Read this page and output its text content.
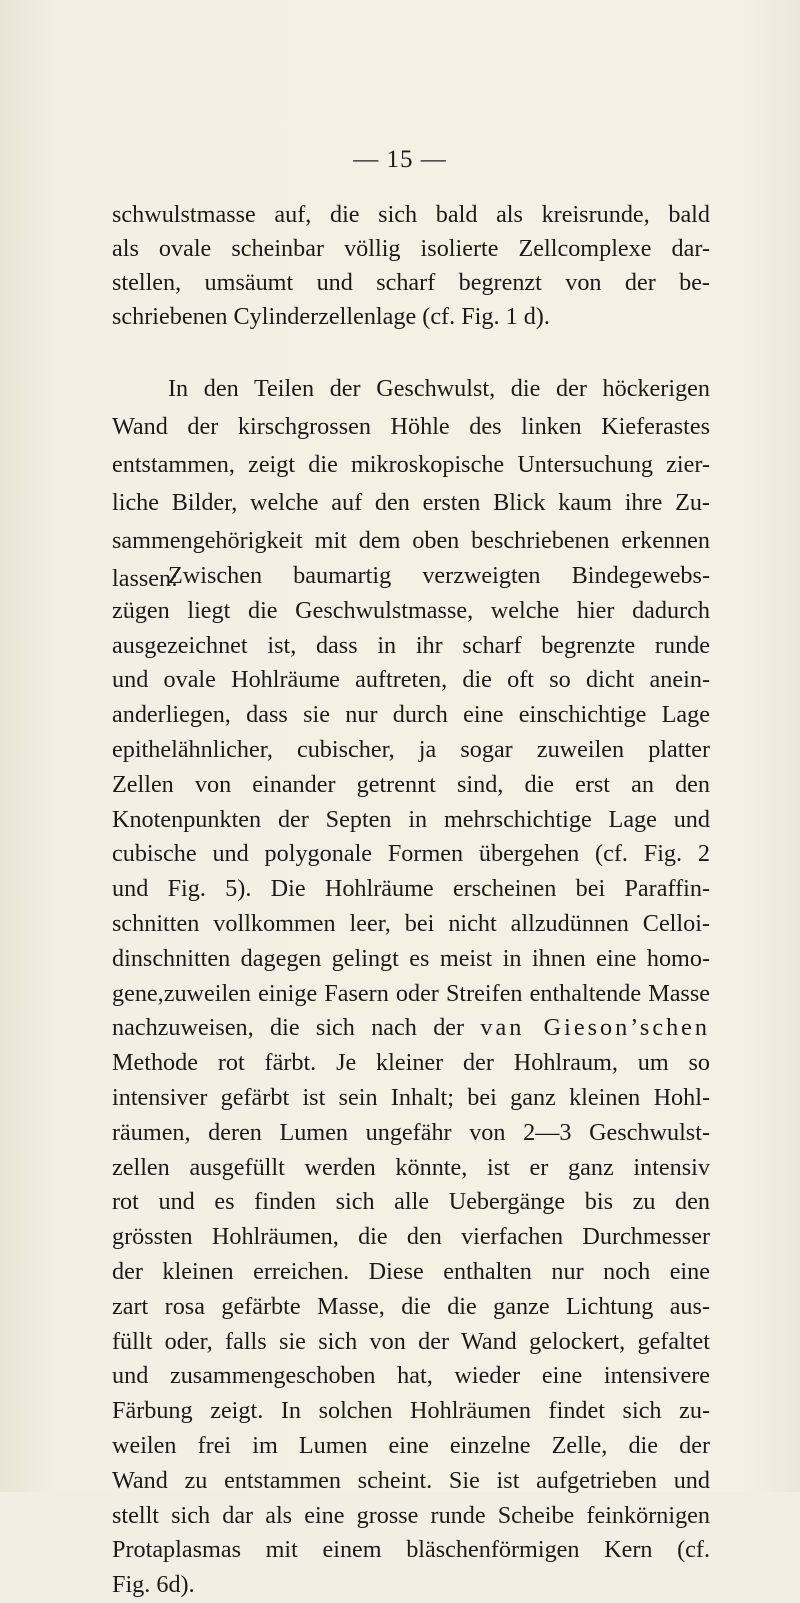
— 15 —
schwulstmasse auf, die sich bald als kreisrunde, bald
als ovale scheinbar völlig isolierte Zellcomplexe dar-
stellen, umsäumt und scharf begrenzt von der be-
schriebenen Cylinderzellenlage (cf. Fig. 1 d).
In den Teilen der Geschwulst, die der höckerigen
Wand der kirschgrossen Höhle des linken Kieferastes
entstammen, zeigt die mikroskopische Untersuchung zier-
liche Bilder, welche auf den ersten Blick kaum ihre Zu-
sammengehörigkeit mit dem oben beschriebenen erkennen
lassen:
Zwischen baumartig verzweigten Bindegewebs-
zügen liegt die Geschwulstmasse, welche hier dadurch
ausgezeichnet ist, dass in ihr scharf begrenzte runde
und ovale Hohlräume auftreten, die oft so dicht anein-
anderliegen, dass sie nur durch eine einschichtige Lage
epithelähnlicher, cubischer, ja sogar zuweilen platter
Zellen von einander getrennt sind, die erst an den
Knotenpunkten der Septen in mehrschichtige Lage und
cubische und polygonale Formen übergehen (cf. Fig. 2
und Fig. 5). Die Hohlräume erscheinen bei Paraffin-
schnitten vollkommen leer, bei nicht allzudünnen Celloi-
dinschnitten dagegen gelingt es meist in ihnen eine homo-
gene,zuweilen einige Fasern oder Streifen enthaltende Masse
nachzuweisen, die sich nach der van Gieson’schen
Methode rot färbt. Je kleiner der Hohlraum, um so
intensiver gefärbt ist sein Inhalt; bei ganz kleinen Hohl-
räumen, deren Lumen ungefähr von 2—3 Geschwulst-
zellen ausgefüllt werden könnte, ist er ganz intensiv
rot und es finden sich alle Uebergänge bis zu den
grössten Hohlräumen, die den vierfachen Durchmesser
der kleinen erreichen. Diese enthalten nur noch eine
zart rosa gefärbte Masse, die die ganze Lichtung aus-
füllt oder, falls sie sich von der Wand gelockert, gefaltet
und zusammengeschoben hat, wieder eine intensivere
Färbung zeigt. In solchen Hohlräumen findet sich zu-
weilen frei im Lumen eine einzelne Zelle, die der
Wand zu entstammen scheint. Sie ist aufgetrieben und
stellt sich dar als eine grosse runde Scheibe feinkörnigen
Protaplasmas mit einem bläschenförmigen Kern (cf.
Fig. 6d).
